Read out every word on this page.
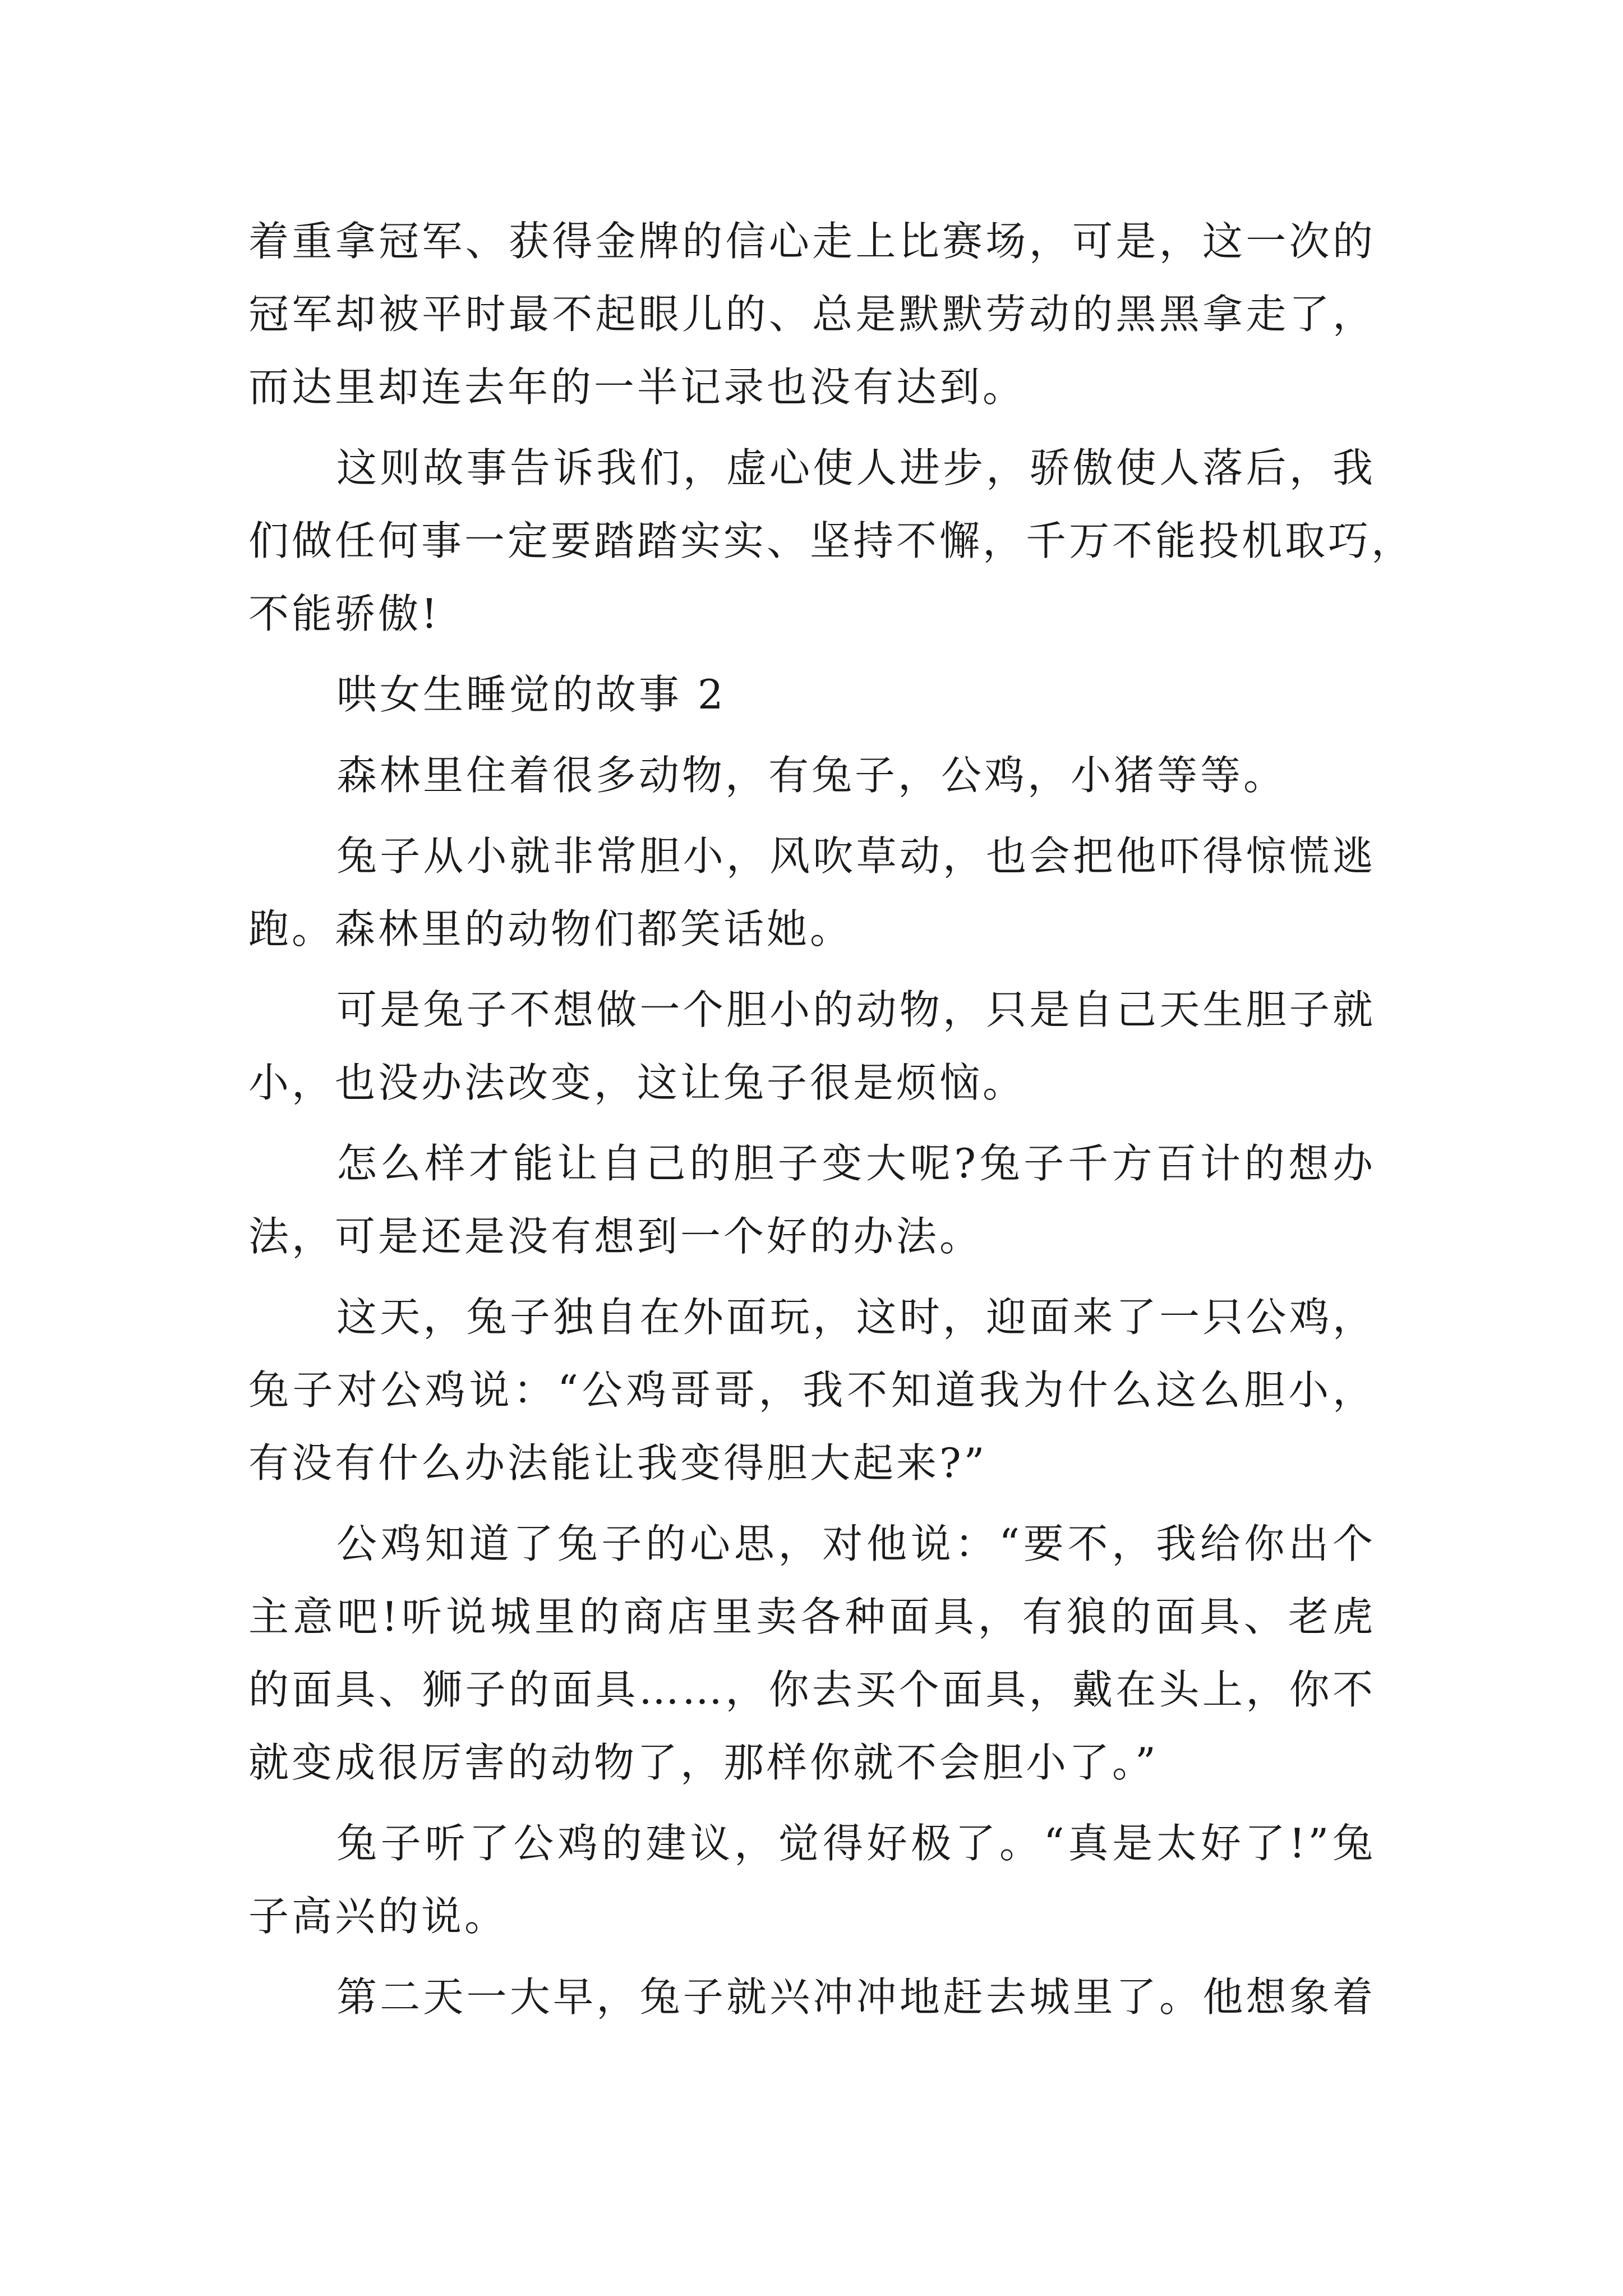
着重拿冠军、获得金牌的信心走上比赛场，可是，这一次的
冠军却被平时最不起眼儿的、总是默默劳动的黑黑拿走了，
而达里却连去年的一半记录也没有达到。
这则故事告诉我们，虚心使人进步，骄傲使人落后，我
们做任何事一定要踏踏实实、坚持不懈，千万不能投机取巧，
不能骄傲!
哄女生睡觉的故事 2
森林里住着很多动物，有兔子，公鸡，小猪等等。
兔子从小就非常胆小，风吹草动，也会把他吓得惊慌逃
跑。森林里的动物们都笑话她。
可是兔子不想做一个胆小的动物，只是自己天生胆子就
小，也没办法改变，这让兔子很是烦恼。
怎么样才能让自己的胆子变大呢?兔子千方百计的想办
法，可是还是没有想到一个好的办法。
这天，兔子独自在外面玩，这时，迎面来了一只公鸡，
兔子对公鸡说：“公鸡哥哥，我不知道我为什么这么胆小，
有没有什么办法能让我变得胆大起来?”
公鸡知道了兔子的心思，对他说：“要不，我给你出个
主意吧!听说城里的商店里卖各种面具，有狼的面具、老虎
的面具、狮子的面具……，你去买个面具，戴在头上，你不
就变成很厉害的动物了，那样你就不会胆小了。”
兔子听了公鸡的建议，觉得好极了。“真是太好了!”兔
子高兴的说。
第二天一大早，兔子就兴冲冲地赶去城里了。他想象着
